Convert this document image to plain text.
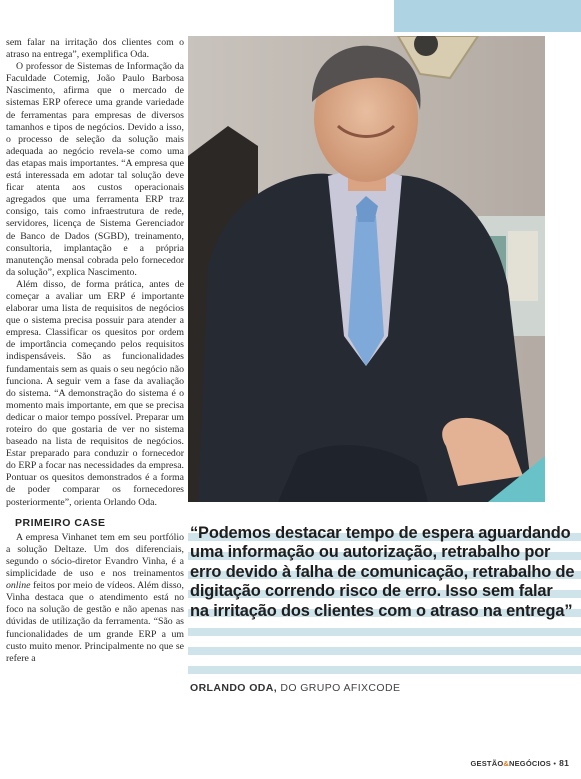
sem falar na irritação dos clientes com o atraso na entrega”, exemplifica Oda.

O professor de Sistemas de Informação da Faculdade Cotemig, João Paulo Barbosa Nascimento, afirma que o mercado de sistemas ERP oferece uma grande variedade de ferramentas para empresas de diversos tamanhos e tipos de negócios. Devido a isso, o processo de seleção da solução mais adequada ao negócio revela-se como uma das etapas mais importantes. “A empresa que está interessada em adotar tal solução deve ficar atenta aos custos operacionais agregados que uma ferramenta ERP traz consigo, tais como infraestrutura de rede, servidores, licença de Sistema Gerenciador de Banco de Dados (SGBD), treinamento, consultoria, implantação e a própria manutenção mensal cobrada pelo fornecedor da solução”, explica Nascimento.

Além disso, de forma prática, antes de começar a avaliar um ERP é importante elaborar uma lista de requisitos de negócios que o sistema precisa possuir para atender a empresa. Classificar os quesitos por ordem de importância começando pelos requisitos indispensáveis. São as funcionalidades fundamentais sem as quais o seu negócio não funciona. A seguir vem a fase da avaliação do sistema. “A demonstração do sistema é o momento mais importante, em que se precisa dedicar o maior tempo possível. Preparar um roteiro do que gostaria de ver no sistema baseado na lista de requisitos de negócios. Estar preparado para conduzir o fornecedor do ERP a focar nas necessidades da empresa. Pontuar os quesitos demonstrados é a forma de poder comparar os fornecedores posteriormente”, orienta Orlando Oda.

PRIMEIRO CASE

A empresa Vinhanet tem em seu portfólio a solução Deltaze. Um dos diferenciais, segundo o sócio-diretor Evandro Vinha, é a simplicidade de uso e nos treinamentos online feitos por meio de vídeos. Além disso, Vinha destaca que o atendimento está no foco na solução de gestão e não apenas nas dúvidas de utilização da ferramenta. “São as funcionalidades de um grande ERP a um custo muito menor. Principalmente no que se refere a

“Podemos destacar tempo de espera aguardando uma informação ou autorização, retrabalho por erro devido à falha de comunicação, retrabalho de digitação correndo risco de erro. Isso sem falar na irritação dos clientes com o atraso na entrega”
ORLANDO ODA, DO GRUPO AFIXCODE
GESTÃO&NEGÓCIOS • 81
